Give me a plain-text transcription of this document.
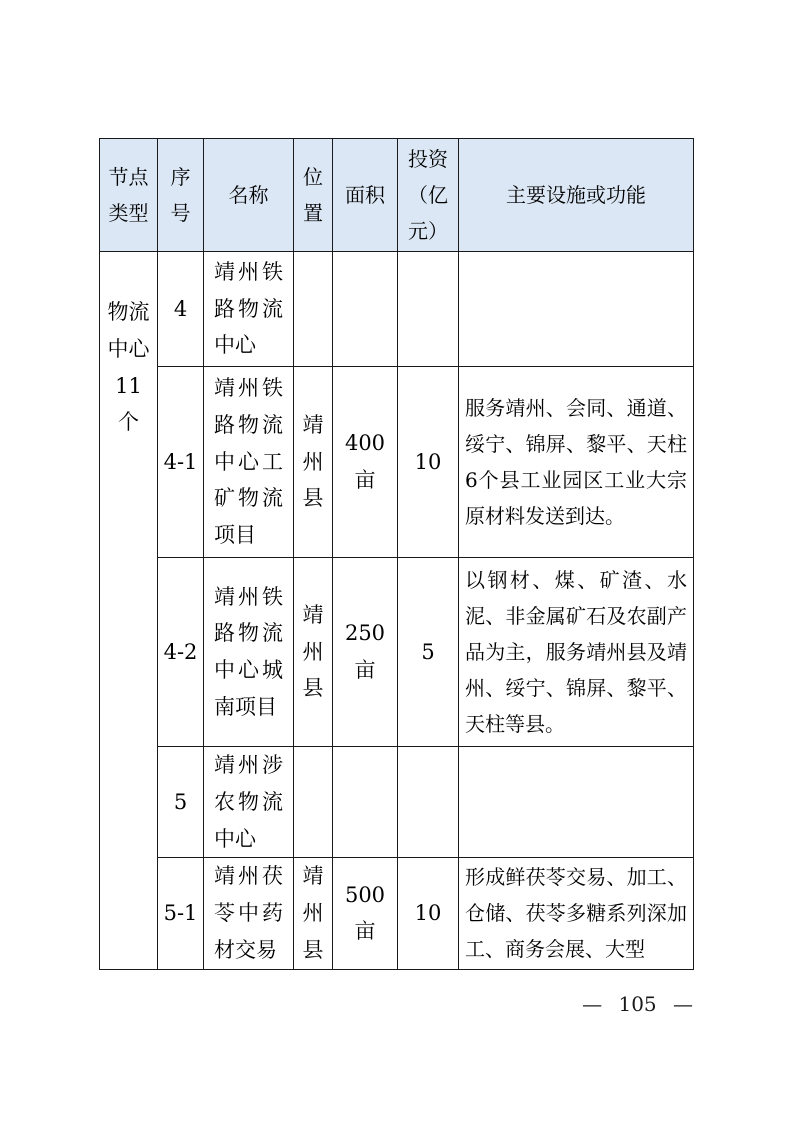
节点类型	序号	名称	位置	面积	投资（亿元）	主要设施或功能
物流中心11个	4	靖州铁路物流中心				
	4-1	靖州铁路物流中心工矿物流项目	靖州县	400亩	10	服务靖州、会同、通道、绥宁、锦屏、黎平、天柱6个县工业园区工业大宗原材料发送到达。
	4-2	靖州铁路物流中心城南项目	靖州县	250亩	5	以钢材、煤、矿渣、水泥、非金属矿石及农副产品为主，服务靖州县及靖州、绥宁、锦屏、黎平、天柱等县。
	5	靖州涉农物流中心				
	5-1	靖州茯苓中药材交易	靖州县	500亩	10	形成鲜茯苓交易、加工、仓储、茯苓多糖系列深加工、商务会展、大型
— 105 —
